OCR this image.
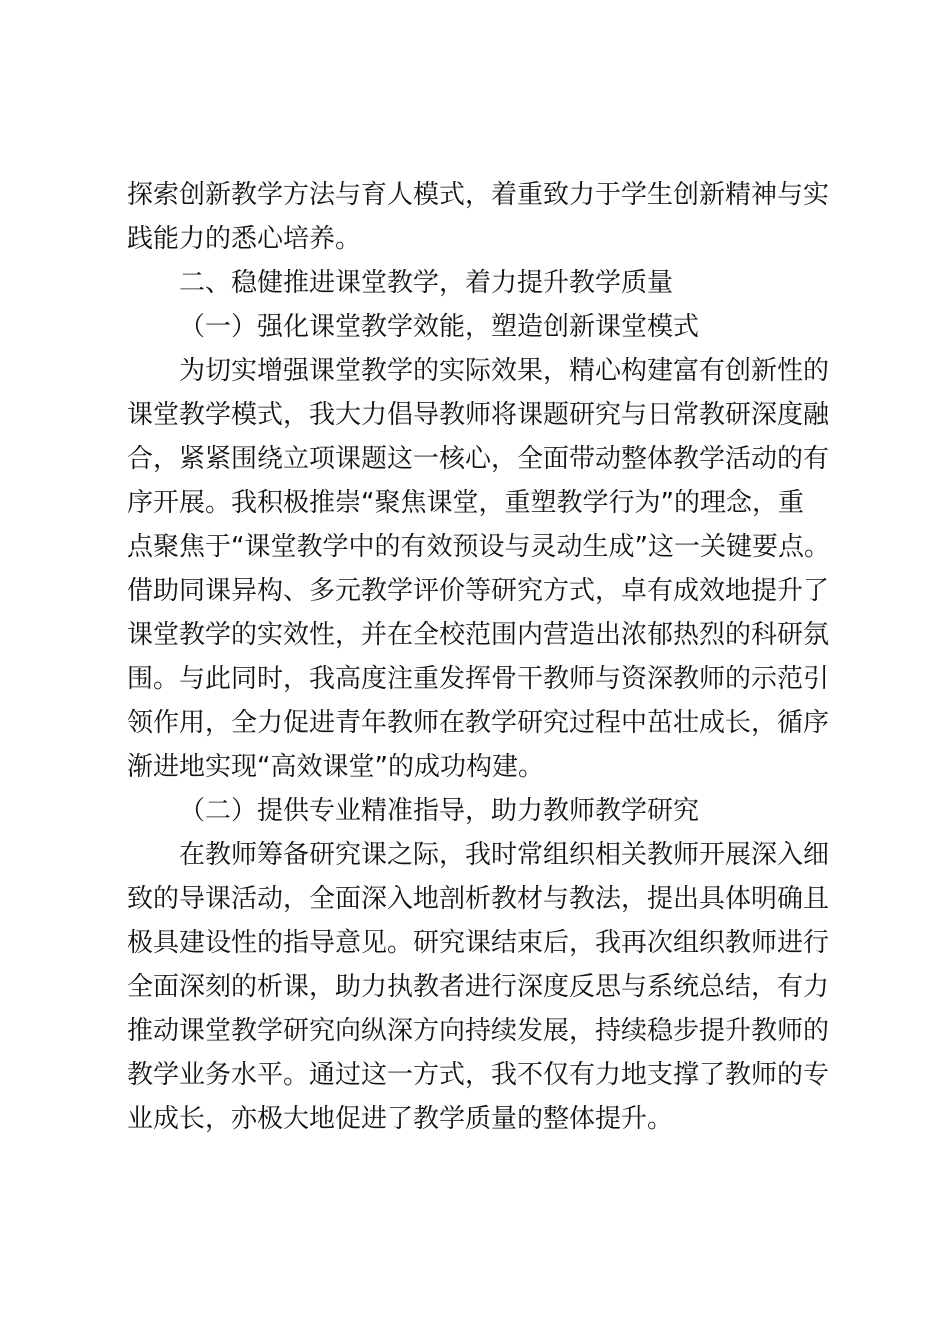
探索创新教学方法与育人模式，着重致力于学生创新精神与实
践能力的悉心培养。
二、稳健推进课堂教学，着力提升教学质量
（一）强化课堂教学效能，塑造创新课堂模式
为切实增强课堂教学的实际效果，精心构建富有创新性的
课堂教学模式，我大力倡导教师将课题研究与日常教研深度融
合，紧紧围绕立项课题这一核心，全面带动整体教学活动的有
序开展。我积极推崇“聚焦课堂，重塑教学行为”的理念，重
点聚焦于“课堂教学中的有效预设与灵动生成”这一关键要点。
借助同课异构、多元教学评价等研究方式，卓有成效地提升了
课堂教学的实效性，并在全校范围内营造出浓郁热烈的科研氛
围。与此同时，我高度注重发挥骨干教师与资深教师的示范引
领作用，全力促进青年教师在教学研究过程中茁壮成长，循序
渐进地实现“高效课堂”的成功构建。
（二）提供专业精准指导，助力教师教学研究
在教师筹备研究课之际，我时常组织相关教师开展深入细
致的导课活动，全面深入地剖析教材与教法，提出具体明确且
极具建设性的指导意见。研究课结束后，我再次组织教师进行
全面深刻的析课，助力执教者进行深度反思与系统总结，有力
推动课堂教学研究向纵深方向持续发展，持续稳步提升教师的
教学业务水平。通过这一方式，我不仅有力地支撑了教师的专
业成长，亦极大地促进了教学质量的整体提升。
